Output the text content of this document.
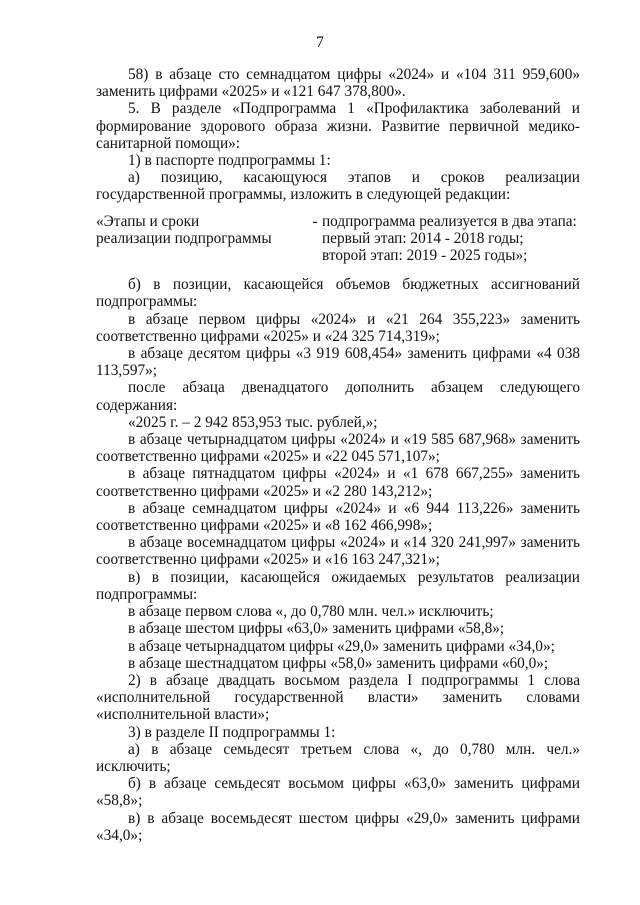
7
58) в абзаце сто семнадцатом цифры «2024» и «104 311 959,600» заменить цифрами «2025» и «121 647 378,800».
5. В разделе «Подпрограмма 1 «Профилактика заболеваний и формирование здорового образа жизни. Развитие первичной медико-санитарной помощи»:
1) в паспорте подпрограммы 1:
а) позицию, касающуюся этапов и сроков реализации государственной программы, изложить в следующей редакции:
«Этапы и сроки
реализации подпрограммы
- подпрограмма реализуется в два этапа:
первый этап: 2014 - 2018 годы;
второй этап: 2019 - 2025 годы»;
б) в позиции, касающейся объемов бюджетных ассигнований подпрограммы:
в абзаце первом цифры «2024» и «21 264 355,223» заменить соответственно цифрами «2025» и «24 325 714,319»;
в абзаце десятом цифры «3 919 608,454» заменить цифрами «4 038 113,597»;
после абзаца двенадцатого дополнить абзацем следующего содержания:
«2025 г. – 2 942 853,953 тыс. рублей,»;
в абзаце четырнадцатом цифры «2024» и «19 585 687,968» заменить соответственно цифрами «2025» и «22 045 571,107»;
в абзаце пятнадцатом цифры «2024» и «1 678 667,255» заменить соответственно цифрами «2025» и «2 280 143,212»;
в абзаце семнадцатом цифры «2024» и «6 944 113,226» заменить соответственно цифрами «2025» и «8 162 466,998»;
в абзаце восемнадцатом цифры «2024» и «14 320 241,997» заменить соответственно цифрами «2025» и «16 163 247,321»;
в) в позиции, касающейся ожидаемых результатов реализации подпрограммы:
в абзаце первом слова «, до 0,780 млн. чел.» исключить;
в абзаце шестом цифры «63,0» заменить цифрами «58,8»;
в абзаце четырнадцатом цифры «29,0» заменить цифрами «34,0»;
в абзаце шестнадцатом цифры «58,0» заменить цифрами «60,0»;
2) в абзаце двадцать восьмом раздела I подпрограммы 1 слова «исполнительной государственной власти» заменить словами «исполнительной власти»;
3) в разделе II подпрограммы 1:
а) в абзаце семьдесят третьем слова «, до 0,780 млн. чел.» исключить;
б) в абзаце семьдесят восьмом цифры «63,0» заменить цифрами «58,8»;
в) в абзаце восемьдесят шестом цифры «29,0» заменить цифрами «34,0»;
